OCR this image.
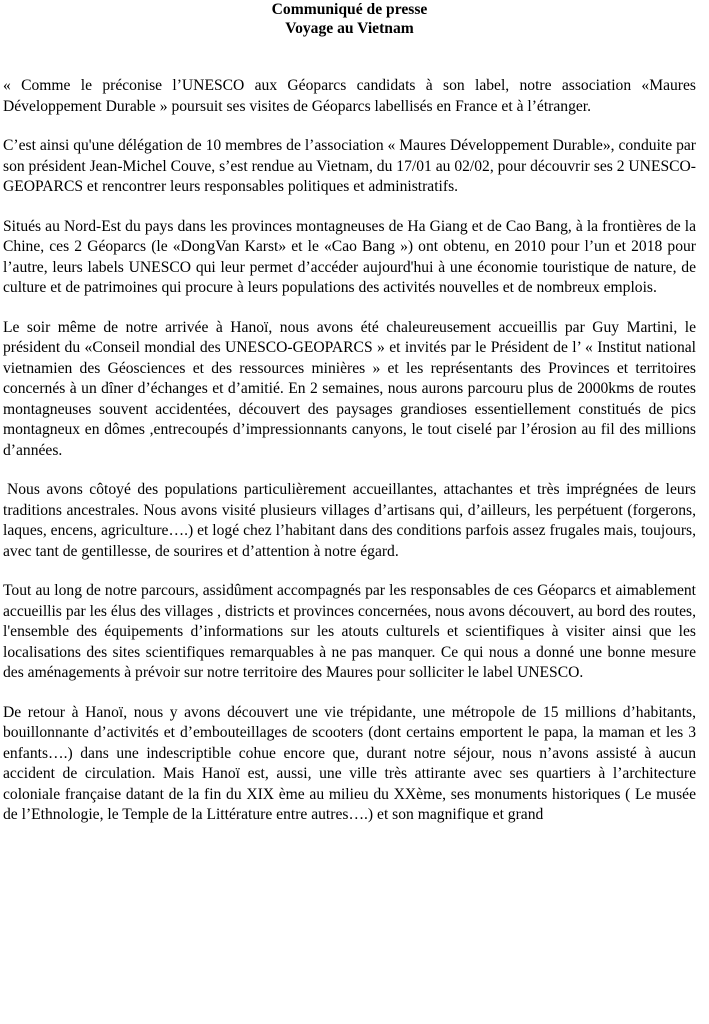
Communiqué de presse
Voyage au Vietnam

« Comme le préconise l’UNESCO aux Géoparcs candidats à son label, notre association «Maures Développement Durable » poursuit ses visites de Géoparcs labellisés en France et à l’étranger.

C’est ainsi qu'une délégation de 10 membres de l’association « Maures Développement Durable», conduite par son président Jean-Michel Couve, s’est rendue au Vietnam, du 17/01 au 02/02, pour découvrir ses 2 UNESCO-GEOPARCS et rencontrer leurs responsables politiques et administratifs.

Situés au Nord-Est du pays dans les provinces montagneuses de Ha Giang et de Cao Bang, à la frontières de la Chine, ces 2 Géoparcs (le «DongVan Karst» et le «Cao Bang ») ont obtenu, en 2010 pour l’un et 2018 pour l’autre, leurs labels UNESCO qui leur permet d’accéder aujourd'hui à une économie touristique de nature, de culture et de patrimoines qui procure à leurs populations des activités nouvelles et de nombreux emplois.

Le soir même de notre arrivée à Hanoï, nous avons été chaleureusement accueillis par Guy Martini, le président du «Conseil mondial des UNESCO-GEOPARCS » et invités par le Président de l’ « Institut national vietnamien des Géosciences et des ressources minières » et les représentants des Provinces et territoires concernés à un dîner d’échanges et d’amitié. En 2 semaines, nous aurons parcouru plus de 2000kms de routes montagneuses souvent accidentées, découvert des paysages grandioses essentiellement constitués de pics montagneux en dômes ,entrecoupés d’impressionnants canyons, le tout ciselé par l’érosion au fil des millions d’années.

Nous avons côtoyé des populations particulièrement accueillantes, attachantes et très imprégnées de leurs traditions ancestrales. Nous avons visité plusieurs villages d’artisans qui, d’ailleurs, les perpétuent (forgerons, laques, encens, agriculture….) et logé chez l’habitant dans des conditions parfois assez frugales mais, toujours, avec tant de gentillesse, de sourires et d’attention à notre égard.

Tout au long de notre parcours, assidûment accompagnés par les responsables de ces Géoparcs et aimablement accueillis par les élus des villages , districts et provinces concernées, nous avons découvert, au bord des routes, l'ensemble des équipements d’informations sur les atouts culturels et scientifiques à visiter ainsi que les localisations des sites scientifiques remarquables à ne pas manquer. Ce qui nous a donné une bonne mesure des aménagements à prévoir sur notre territoire des Maures pour solliciter le label UNESCO.

De retour à Hanoï, nous y avons découvert une vie trépidante, une métropole de 15 millions d’habitants, bouillonnante d’activités et d’embouteillages de scooters (dont certains emportent le papa, la maman et les 3 enfants….) dans une indescriptible cohue encore que, durant notre séjour, nous n’avons assisté à aucun accident de circulation. Mais Hanoï est, aussi, une ville très attirante avec ses quartiers à l’architecture coloniale française datant de la fin du XIX ème au milieu du XXème, ses monuments historiques ( Le musée de l’Ethnologie, le Temple de la Littérature entre autres….) et son magnifique et grand
